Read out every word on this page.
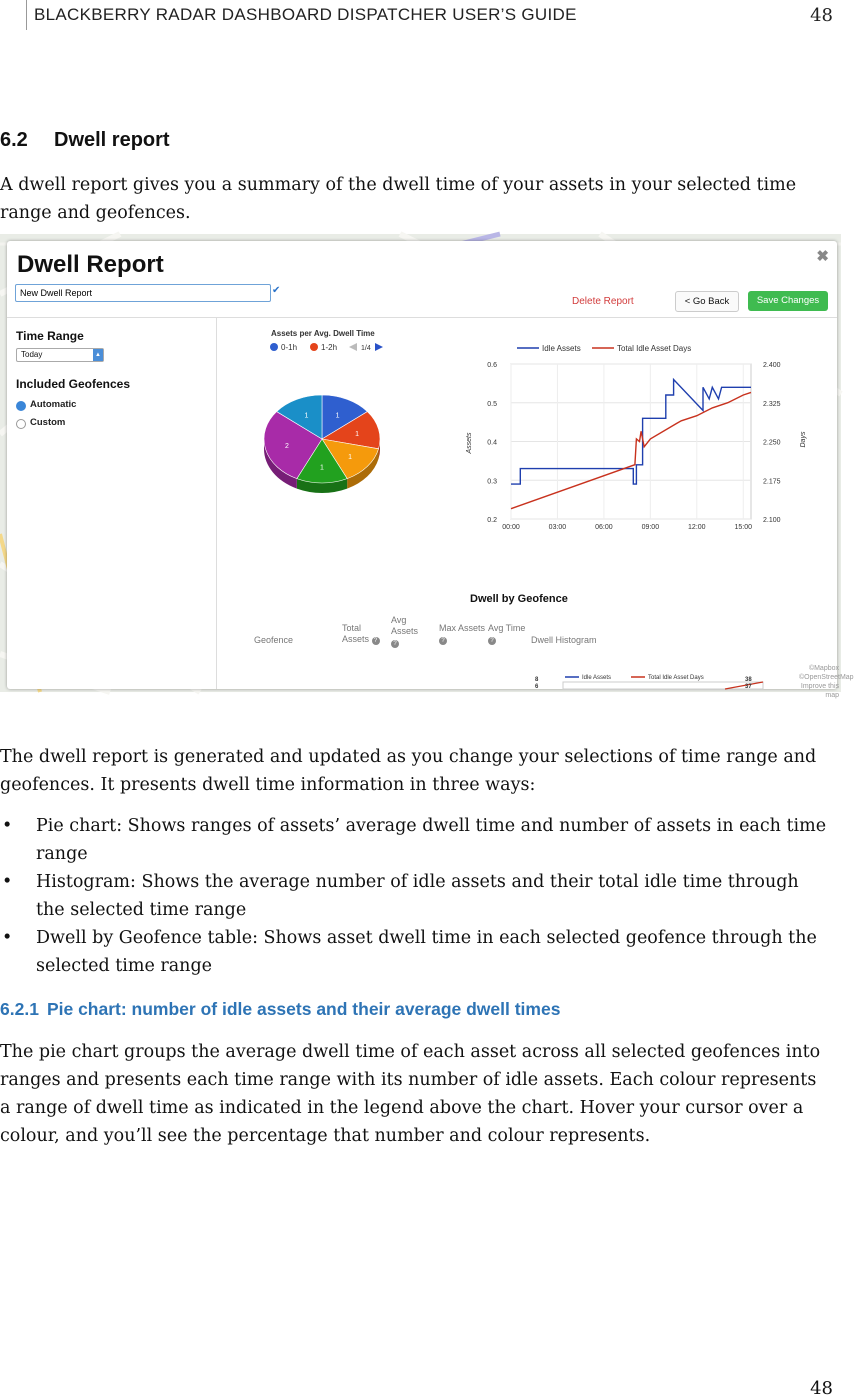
BLACKBERRY RADAR DASHBOARD DISPATCHER USER’S GUIDE	48
6.2 Dwell report

A dwell report gives you a summary of the dwell time of your assets in your selected time range and geofences.

Dwell Report	✖
New Dwell Report	✔
Delete Report	< Go Back	Save Changes
Time Range
Today	▲
Included Geofences
Automatic
Custom
Assets per Avg. Dwell Time
0-1h	1-2h	1/4
1
1
1
1
2
1
Idle Assets	Total Idle Asset Days
0.2
0.3
0.4
0.5
0.6
2.100
2.175
2.250
2.325
2.400
00:00	03:00	06:00	09:00	12:00	15:00
Assets	Days
Dwell by Geofence
Geofence
Total Assets ?
Avg Assets ?
Max Assets ?
Avg Time ?	Dwell Histogram
8
6
Idle Assets	Total Idle Asset Days	38
37
©Mapbox ©OpenStreetMap Improve this map

The dwell report is generated and updated as you change your selections of time range and geofences. It presents dwell time information in three ways:

• Pie chart: Shows ranges of assets’ average dwell time and number of assets in each time range
• Histogram: Shows the average number of idle assets and their total idle time through the selected time range
• Dwell by Geofence table: Shows asset dwell time in each selected geofence through the selected time range
6.2.1 Pie chart: number of idle assets and their average dwell times

The pie chart groups the average dwell time of each asset across all selected geofences into ranges and presents each time range with its number of idle assets. Each colour represents a range of dwell time as indicated in the legend above the chart. Hover your cursor over a colour, and you’ll see the percentage that number and colour represents.

48
